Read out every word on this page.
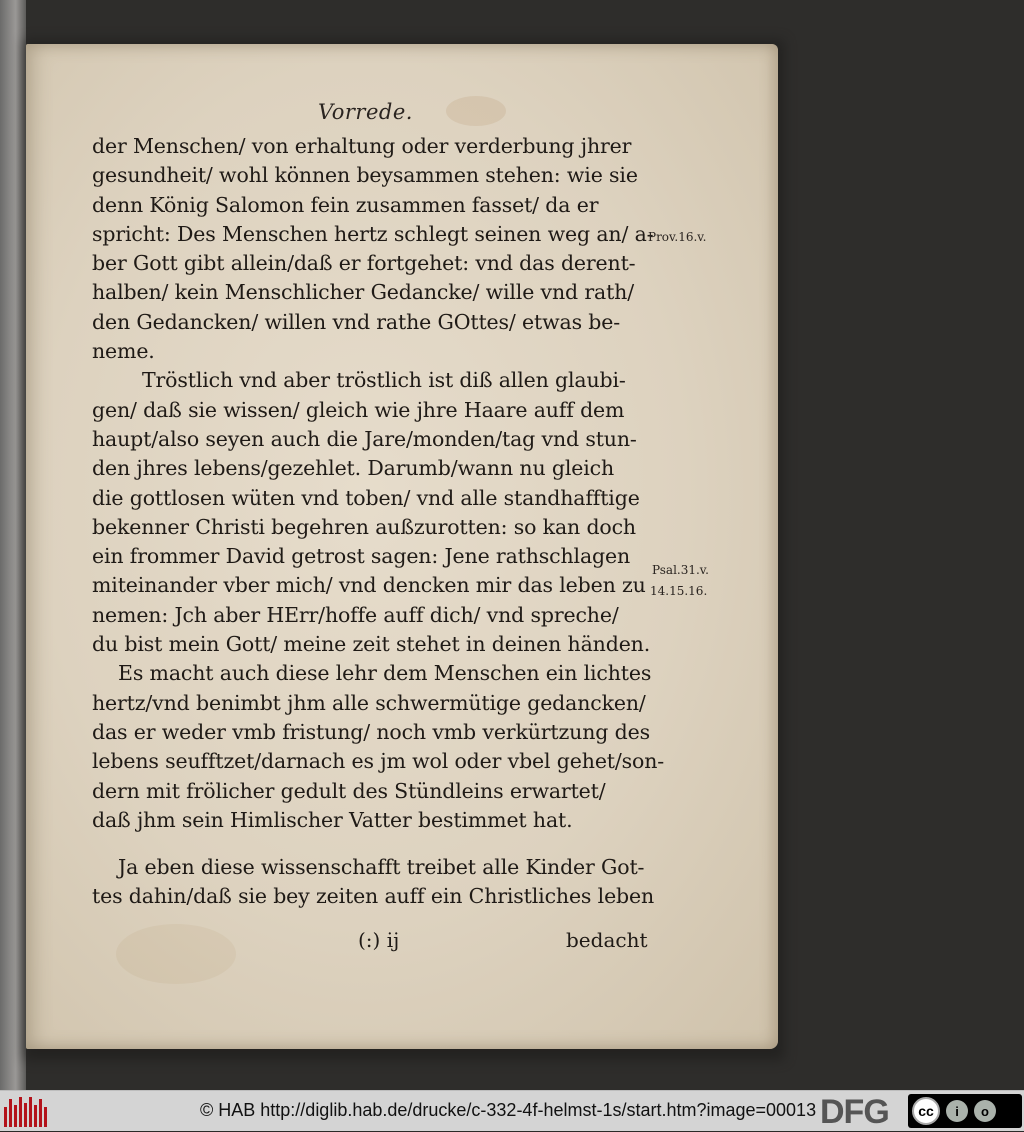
Vorrede.
der Menschen/ von erhaltung oder verderbung jhrer
gesundheit/ wohl können beysammen stehen: wie sie
denn König Salomon fein zusammen fasset/ da er
spricht: Des Menschen hertz schlegt seinen weg an/ a-
ber Gott gibt allein/daß er fortgehet: vnd das derent-
halben/ kein Menschlicher Gedancke/ wille vnd rath/
den Gedancken/ willen vnd rathe GOttes/ etwas be-
neme.
Tröstlich vnd aber tröstlich ist diß allen glaubi-
gen/ daß sie wissen/ gleich wie jhre Haare auff dem
haupt/also seyen auch die Jare/monden/tag vnd stun-
den jhres lebens/gezehlet. Darumb/wann nu gleich
die gottlosen wüten vnd toben/ vnd alle standhafftige
bekenner Christi begehren außzurotten: so kan doch
ein frommer David getrost sagen: Jene rathschlagen
miteinander vber mich/ vnd dencken mir das leben zu
nemen: Jch aber HErr/hoffe auff dich/ vnd spreche/
du bist mein Gott/ meine zeit stehet in deinen händen.
Es macht auch diese lehr dem Menschen ein lichtes
hertz/vnd benimbt jhm alle schwermütige gedancken/
das er weder vmb fristung/ noch vmb verkürtzung des
lebens seufftzet/darnach es jm wol oder vbel gehet/son-
dern mit frölicher gedult des Stündleins erwartet/
daß jhm sein Himlischer Vatter bestimmet hat.
Ja eben diese wissenschafft treibet alle Kinder Got-
tes dahin/daß sie bey zeiten auff ein Christliches leben
Prov.16.v.
Psal.31.v.
14.15.16.
(:) ij	bedacht
© HAB http://diglib.hab.de/drucke/c-332-4f-helmst-1s/start.htm?image=00013 DFG	cc	i	o
